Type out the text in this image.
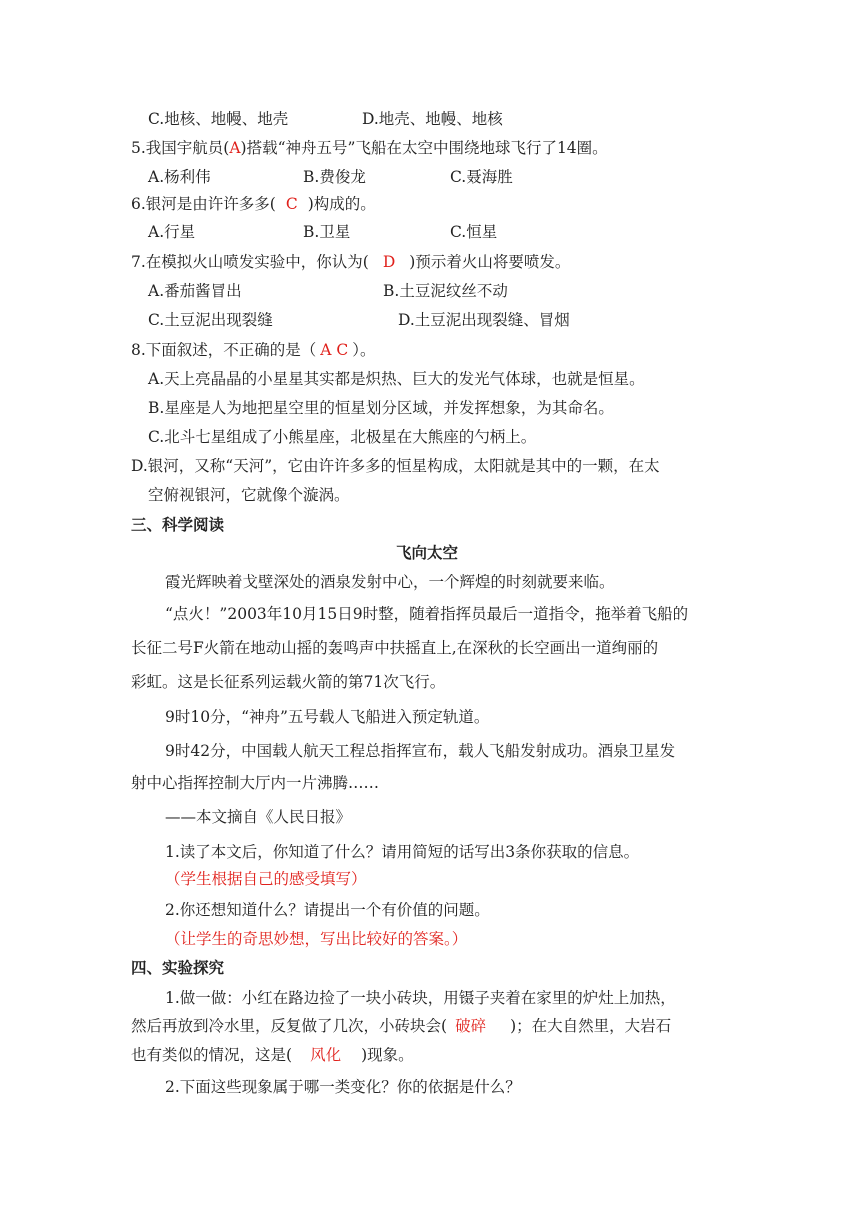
C.地核、地幔、地壳	D.地壳、地幔、地核
5.我国宇航员(A)搭载“神舟五号”飞船在太空中围绕地球飞行了14圈。
A.杨利伟	B.费俊龙	C.聂海胜
6.银河是由许许多多( C )构成的。
A.行星	B.卫星	C.恒星
7.在模拟火山喷发实验中，你认为( D )预示着火山将要喷发。
A.番茄酱冒出	B.土豆泥纹丝不动
C.土豆泥出现裂缝	D.土豆泥出现裂缝、冒烟
8.下面叙述，不正确的是（ A C ）。
A.天上亮晶晶的小星星其实都是炽热、巨大的发光气体球，也就是恒星。
B.星座是人为地把星空里的恒星划分区域，并发挥想象，为其命名。
C.北斗七星组成了小熊星座，北极星在大熊座的勺柄上。
D.银河，又称“天河”，它由许许多多的恒星构成，太阳就是其中的一颗，在太
空俯视银河，它就像个漩涡。
三、科学阅读
飞向太空
霞光辉映着戈壁深处的酒泉发射中心，一个辉煌的时刻就要来临。
“点火！”2003年10月15日9时整，随着指挥员最后一道指令，拖举着飞船的
长征二号F火箭在地动山摇的轰鸣声中扶摇直上,在深秋的长空画出一道绚丽的
彩虹。这是长征系列运载火箭的第71次飞行。
9时10分，“神舟”五号载人飞船进入预定轨道。
9时42分，中国载人航天工程总指挥宣布，载人飞船发射成功。酒泉卫星发
射中心指挥控制大厅内一片沸腾……
——本文摘自《人民日报》
1.读了本文后，你知道了什么？请用简短的话写出3条你获取的信息。
（学生根据自己的感受填写）
2.你还想知道什么？请提出一个有价值的问题。
（让学生的奇思妙想，写出比较好的答案。）
四、实验探究
1.做一做：小红在路边捡了一块小砖块，用镊子夹着在家里的炉灶上加热，
然后再放到冷水里，反复做了几次，小砖块会( 破碎 )；在大自然里，大岩石
也有类似的情况，这是( 风化 )现象。
2.下面这些现象属于哪一类变化？你的依据是什么？
